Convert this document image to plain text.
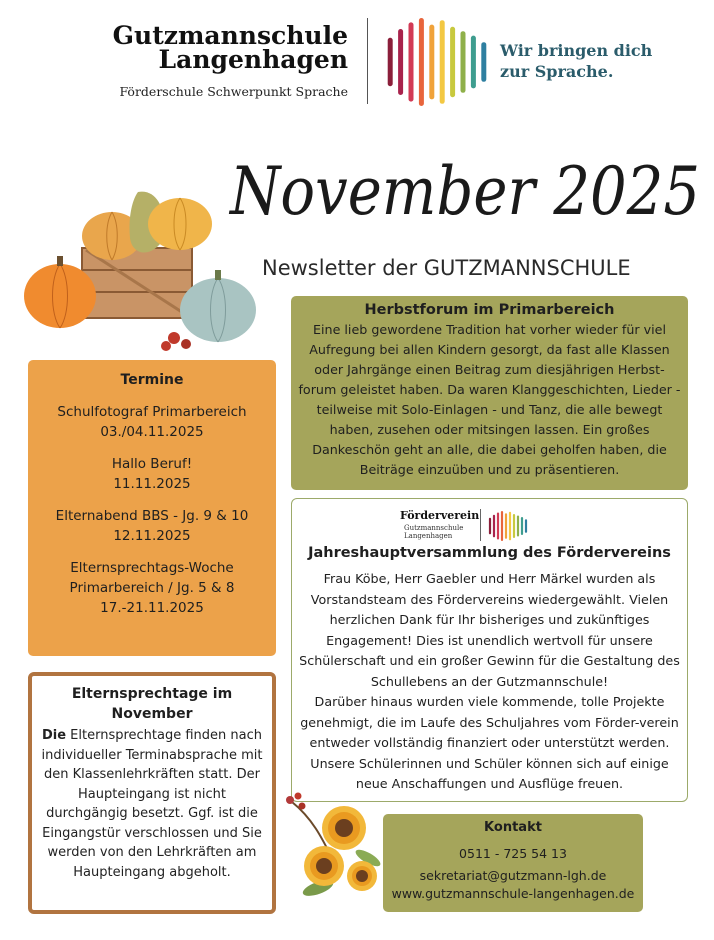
Gutzmannschule
Langenhagen
Förderschule Schwerpunkt Sprache
Wir bringen dich
zur Sprache.
November 2025
Newsletter der GUTZMANNSCHULE
Termine
Schulfotograf Primarbereich
03./04.11.2025
Hallo Beruf!
11.11.2025
Elternabend BBS - Jg. 9 & 10
12.11.2025
Elternsprechtags-Woche
Primarbereich / Jg. 5 & 8
17.-21.11.2025
Elternsprechtage im
November
Die Elternsprechtage finden nach individueller Terminabsprache mit den Klassenlehrkräften statt. Der Haupteingang ist nicht durchgängig besetzt. Ggf. ist die Eingangstür verschlossen und Sie werden von den Lehrkräften am Haupteingang abgeholt.
Herbstforum im Primarbereich
Eine lieb gewordene Tradition hat vorher wieder für viel Aufregung bei allen Kindern gesorgt, da fast alle Klassen oder Jahrgänge einen Beitrag zum diesjährigen Herbst-forum geleistet haben. Da waren Klanggeschichten, Lieder - teilweise mit Solo-Einlagen - und Tanz, die alle bewegt haben, zusehen oder mitsingen lassen. Ein großes Dankeschön geht an alle, die dabei geholfen haben, die Beiträge einzuüben und zu präsentieren.
Förderverein
Gutzmannschule
Langenhagen
Jahreshauptversammlung des Fördervereins
Frau Köbe, Herr Gaebler und Herr Märkel wurden als Vorstandsteam des Fördervereins wiedergewählt. Vielen herzlichen Dank für Ihr bisheriges und zukünftiges Engagement! Dies ist unendlich wertvoll für unsere Schülerschaft und ein großer Gewinn für die Gestaltung des Schullebens an der Gutzmannschule!
Darüber hinaus wurden viele kommende, tolle Projekte genehmigt, die im Laufe des Schuljahres vom Förder-verein entweder vollständig finanziert oder unterstützt werden. Unsere Schülerinnen und Schüler können sich auf einige neue Anschaffungen und Ausflüge freuen.
Kontakt
0511 - 725 54 13
sekretariat@gutzmann-lgh.de
www.gutzmannschule-langenhagen.de
